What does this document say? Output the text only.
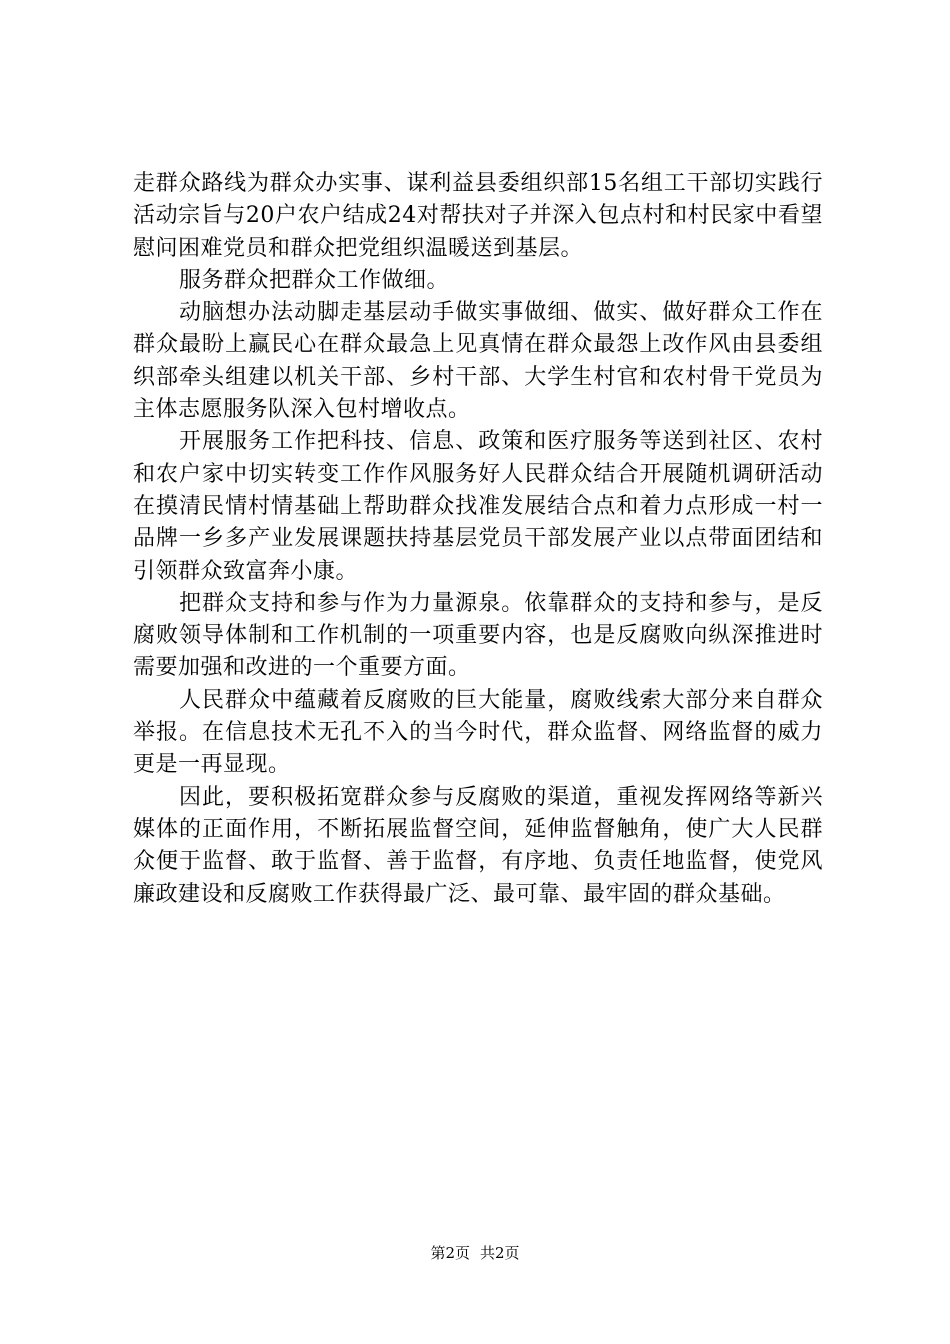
走群众路线为群众办实事、谋利益县委组织部15名组工干部切实践行活动宗旨与20户农户结成24对帮扶对子并深入包点村和村民家中看望慰问困难党员和群众把党组织温暖送到基层。

服务群众把群众工作做细。

动脑想办法动脚走基层动手做实事做细、做实、做好群众工作在群众最盼上赢民心在群众最急上见真情在群众最怨上改作风由县委组织部牵头组建以机关干部、乡村干部、大学生村官和农村骨干党员为主体志愿服务队深入包村增收点。

开展服务工作把科技、信息、政策和医疗服务等送到社区、农村和农户家中切实转变工作作风服务好人民群众结合开展随机调研活动在摸清民情村情基础上帮助群众找准发展结合点和着力点形成一村一品牌一乡多产业发展课题扶持基层党员干部发展产业以点带面团结和引领群众致富奔小康。

把群众支持和参与作为力量源泉。依靠群众的支持和参与，是反腐败领导体制和工作机制的一项重要内容，也是反腐败向纵深推进时需要加强和改进的一个重要方面。

人民群众中蕴藏着反腐败的巨大能量，腐败线索大部分来自群众举报。在信息技术无孔不入的当今时代，群众监督、网络监督的威力更是一再显现。

因此，要积极拓宽群众参与反腐败的渠道，重视发挥网络等新兴媒体的正面作用，不断拓展监督空间，延伸监督触角，使广大人民群众便于监督、敢于监督、善于监督，有序地、负责任地监督，使党风廉政建设和反腐败工作获得最广泛、最可靠、最牢固的群众基础。

第2页 共2页
